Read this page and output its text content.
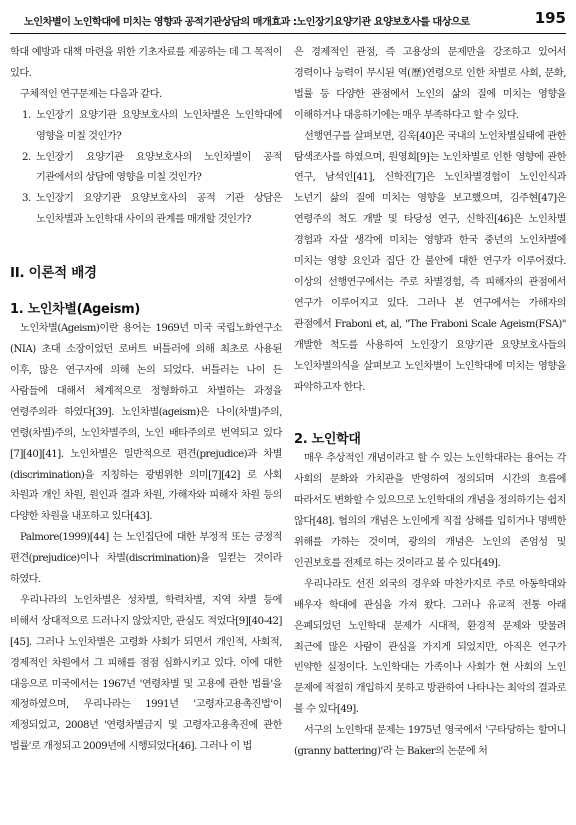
노인차별이 노인학대에 미치는 영향과 공적기관상담의 매개효과 :노인장기요양기관 요양보호사를 대상으로	195

학대 예방과 대책 마련을 위한 기초자료를 제공하는 데 그 목적이 있다.

구체적인 연구문제는 다음과 같다.

1. 노인장기 요양기관 요양보호사의 노인차별은 노인학대에 영향을 미칠 것인가?
2. 노인장기 요양기관 요양보호사의 노인차별이 공적 기관에서의 상담에 영향을 미칠 것인가?
3. 노인장기 요양기관 요양보호사의 공적 기관 상담은 노인차별과 노인학대 사이의 관계를 매개할 것인가?
II. 이론적 배경
1. 노인차별(Ageism)

노인차별(Ageism)이란 용어는 1969년 미국 국립노화연구소(NIA) 초대 소장이었던 로버트 버틀러에 의해 최초로 사용된 이후, 많은 연구자에 의해 논의 되었다. 버틀러는 나이 든 사람들에 대해서 체계적으로 정형화하고 차별하는 과정을 연령주의라 하였다[39]. 노인차별(ageism)은 나이(차별)주의, 연령(차별)주의, 노인차별주의, 노인 배타주의로 번역되고 있다[7][40][41]. 노인차별은 일반적으로 편견(prejudice)과 차별(discrimination)을 지칭하는 광범위한 의미[7][42] 로 사회 차원과 개인 차원, 원인과 결과 차원, 가해자와 피해자 차원 등의 다양한 차원을 내포하고 있다[43].

Palmore(1999)[44] 는 노인집단에 대한 부정적 또는 긍정적 편견(prejudice)이나 차별(discrimination)을 일컫는 것이라 하였다.

우리나라의 노인차별은 성차별, 학력차별, 지역 차별 등에 비해서 상대적으로 드러나지 않았지만, 관심도 적었다[9][40-42][45]. 그러나 노인차별은 고령화 사회가 되면서 개인적, 사회적, 경제적인 차원에서 그 피해를 점점 심화시키고 있다. 이에 대한 대응으로 미국에서는 1967년 '연령차별 및 고용에 관한 법률'을 제정하였으며, 우리나라는 1991년 '고령자고용촉진법'이 제정되었고, 2008년 '연령차별금지 및 고령자고용촉진에 관한 법률'로 개정되고 2009년에 시행되었다[46]. 그러나 이 법

은 경제적인 관점, 즉 고용상의 문제만을 강조하고 있어서 경력이나 능력이 무시된 역(歷)연령으로 인한 차별로 사회, 문화, 법률 등 다양한 관점에서 노인의 삶의 질에 미치는 영향을 이해하거나 대응하기에는 매우 부족하다고 할 수 있다.

선행연구를 살펴보면, 김욱[40]은 국내의 노인차별실태에 관한 탐색조사를 하였으며, 원영희[9]는 노인차별로 인한 영향에 관한 연구, 남석인[41], 신학진[7]은 노인차별경험이 노인인식과 노년기 삶의 질에 미치는 영향을 보고했으며, 김주현[47]은 연령주의 척도 개발 및 타당성 연구, 신학진[46]은 노인차별 경험과 자살 생각에 미치는 영향과 한국 중년의 노인차별에 미치는 영향 요인과 집단 간 불안에 대한 연구가 이루어졌다. 이상의 선행연구에서는 주로 차별경험, 즉 피해자의 관점에서 연구가 이루어지고 있다. 그러나 본 연구에서는 가해자의 관점에서 Fraboni et, al, "The Fraboni Scale Ageism(FSA)" 개발한 척도를 사용하여 노인장기 요양기관 요양보호사들의 노인차별의식을 살펴보고 노인차별이 노인학대에 미치는 영향을 파악하고자 한다.

2. 노인학대

매우 추상적인 개념이라고 할 수 있는 노인학대라는 용어는 각 사회의 문화와 가치관을 반영하여 정의되며 시간의 흐름에 따라서도 변화할 수 있으므로 노인학대의 개념을 정의하기는 쉽지 않다[48]. 협의의 개념은 노인에게 직접 상해를 입히거나 명백한 위해를 가하는 것이며, 광의의 개념은 노인의 존엄성 및 인권보호를 전제로 하는 것이라고 볼 수 있다[49].

우리나라도 선진 외국의 경우와 마찬가지로 주로 아동학대와 배우자 학대에 관심을 가져 왔다. 그러나 유교적 전통 아래 은폐되었던 노인학대 문제가 시대적, 환경적 문제와 맞물려 최근에 많은 사람이 관심을 가지게 되었지만, 아직은 연구가 빈약한 실정이다. 노인학대는 가족이나 사회가 현 사회의 노인 문제에 적절히 개입하지 못하고 방관하여 나타나는 최악의 결과로 볼 수 있다[49].

서구의 노인학대 문제는 1975년 영국에서 '구타당하는 할머니(granny battering)'라 는 Baker의 논문에 처
